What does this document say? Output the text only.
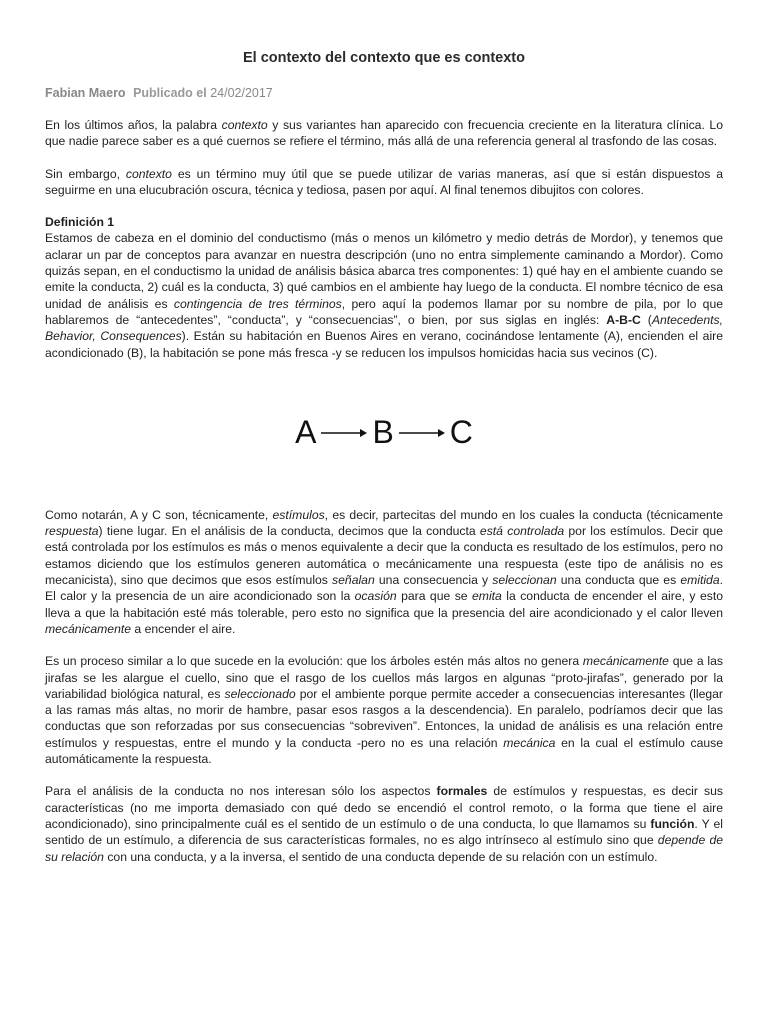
El contexto del contexto que es contexto
Fabian Maero Publicado el 24/02/2017

En los últimos años, la palabra contexto y sus variantes han aparecido con frecuencia creciente en la literatura clínica. Lo que nadie parece saber es a qué cuernos se refiere el término, más allá de una referencia general al trasfondo de las cosas.

Sin embargo, contexto es un término muy útil que se puede utilizar de varias maneras, así que si están dispuestos a seguirme en una elucubración oscura, técnica y tediosa, pasen por aquí. Al final tenemos dibujitos con colores.

Definición 1
Estamos de cabeza en el dominio del conductismo (más o menos un kilómetro y medio detrás de Mordor), y tenemos que aclarar un par de conceptos para avanzar en nuestra descripción (uno no entra simplemente caminando a Mordor). Como quizás sepan, en el conductismo la unidad de análisis básica abarca tres componentes: 1) qué hay en el ambiente cuando se emite la conducta, 2) cuál es la conducta, 3) qué cambios en el ambiente hay luego de la conducta. El nombre técnico de esa unidad de análisis es contingencia de tres términos, pero aquí la podemos llamar por su nombre de pila, por lo que hablaremos de “antecedentes”, “conducta”, y “consecuencias”, o bien, por sus siglas en inglés: A-B-C (Antecedents, Behavior, Consequences). Están su habitación en Buenos Aires en verano, cocinándose lentamente (A), encienden el aire acondicionado (B), la habitación se pone más fresca -y se reducen los impulsos homicidas hacia sus vecinos (C).
A B C

Como notarán, A y C son, técnicamente, estímulos, es decir, partecitas del mundo en los cuales la conducta (técnicamente respuesta) tiene lugar. En el análisis de la conducta, decimos que la conducta está controlada por los estímulos. Decir que está controlada por los estímulos es más o menos equivalente a decir que la conducta es resultado de los estímulos, pero no estamos diciendo que los estímulos generen automática o mecánicamente una respuesta (este tipo de análisis no es mecanicista), sino que decimos que esos estímulos señalan una consecuencia y seleccionan una conducta que es emitida. El calor y la presencia de un aire acondicionado son la ocasión para que se emita la conducta de encender el aire, y esto lleva a que la habitación esté más tolerable, pero esto no significa que la presencia del aire acondicionado y el calor lleven mecánicamente a encender el aire.

Es un proceso similar a lo que sucede en la evolución: que los árboles estén más altos no genera mecánicamente que a las jirafas se les alargue el cuello, sino que el rasgo de los cuellos más largos en algunas “proto-jirafas”, generado por la variabilidad biológica natural, es seleccionado por el ambiente porque permite acceder a consecuencias interesantes (llegar a las ramas más altas, no morir de hambre, pasar esos rasgos a la descendencia). En paralelo, podríamos decir que las conductas que son reforzadas por sus consecuencias “sobreviven”. Entonces, la unidad de análisis es una relación entre estímulos y respuestas, entre el mundo y la conducta -pero no es una relación mecánica en la cual el estímulo cause automáticamente la respuesta.

Para el análisis de la conducta no nos interesan sólo los aspectos formales de estímulos y respuestas, es decir sus características (no me importa demasiado con qué dedo se encendió el control remoto, o la forma que tiene el aire acondicionado), sino principalmente cuál es el sentido de un estímulo o de una conducta, lo que llamamos su función. Y el sentido de un estímulo, a diferencia de sus características formales, no es algo intrínseco al estímulo sino que depende de su relación con una conducta, y a la inversa, el sentido de una conducta depende de su relación con un estímulo.
